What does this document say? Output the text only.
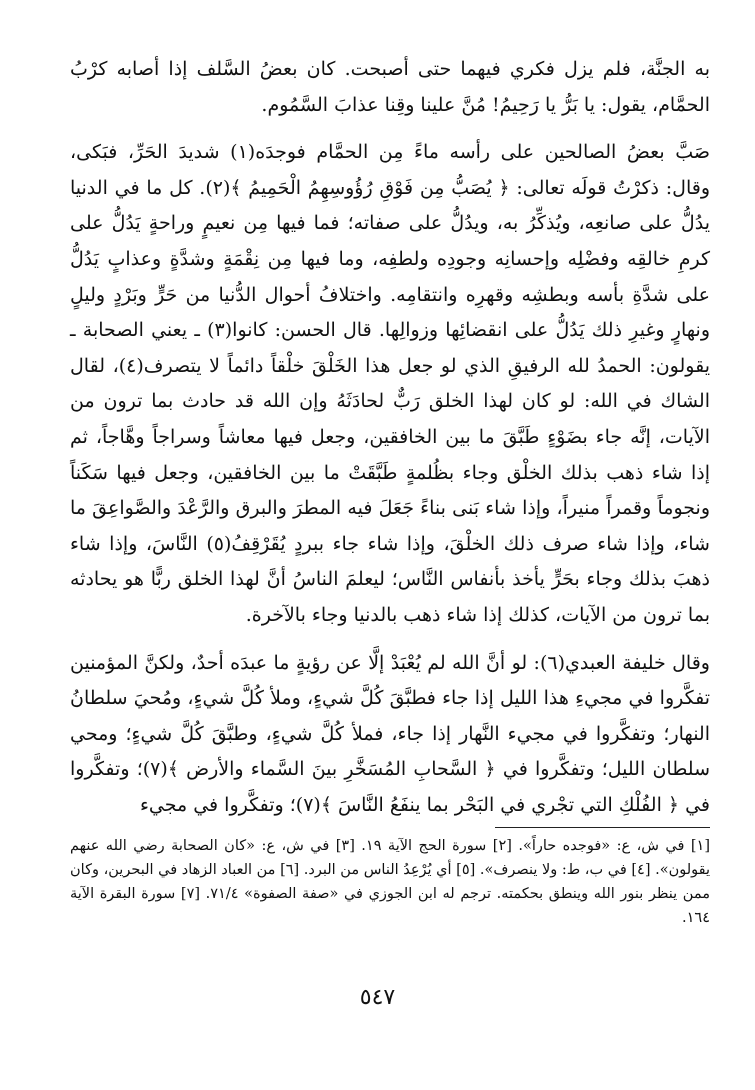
به الجنَّة، فلم يزل فكري فيهما حتى أصبحت. كان بعضُ السَّلف إذا أصابه كرْبُ الحمَّام، يقول: يا بَرُّ يا رَحِيمُ! مُنَّ علينا وقِنا عذابَ السَّمُوم.

صَبَّ بعضُ الصالحين على رأسه ماءً مِن الحمَّام فوجدَه(١) شديدَ الحَرِّ، فبَكى، وقال: ذكرْتُ قولَه تعالى: ﴿ يُصَبُّ مِن فَوْقِ رُؤُوسِهِمُ الْحَمِيمُ ﴾(٢). كل ما في الدنيا يدُلُّ على صانعِه، ويُذكِّرُ به، ويدُلُّ على صفاته؛ فما فيها مِن نعيمٍ وراحةٍ يَدُلُّ على كرمِ خالقِه وفضْلِه وإحسانِه وجودِه ولطفِه، وما فيها مِن نِقْمَةٍ وشدَّةٍ وعذابٍ يَدُلُّ على شدَّةِ بأسه وبطشِه وقهرِه وانتقامِه. واختلافُ أحوال الدُّنيا من حَرٍّ وبَرْدٍ وليلٍ ونهارٍ وغيرِ ذلك يَدُلُّ على انقضائِها وزوالِها. قال الحسن: كانوا(٣) ـ يعني الصحابة ـ يقولون: الحمدُ لله الرفيقِ الذي لو جعل هذا الخَلْقَ خلْقاً دائماً لا يتصرف(٤)، لقال الشاك في الله: لو كان لهذا الخلق رَبٌّ لحادَثَهُ وإن الله قد حادث بما ترون من الآيات، إنَّه جاء بضَوْءٍ طَبَّقَ ما بين الخافقين، وجعل فيها معاشاً وسراجاً وهَّاجاً، ثم إذا شاء ذهب بذلك الخلْق وجاء بظُلمةٍ طَبَّقَتْ ما بين الخافقين، وجعل فيها سَكَناً ونجوماً وقمراً منيراً، وإذا شاء بَنى بناءً جَعَلَ فيه المطرَ والبرق والرَّعْدَ والصَّواعِقَ ما شاء، وإذا شاء صرف ذلك الخلْقَ، وإذا شاء جاء ببردٍ يُقَرْقِفُ(٥) النَّاسَ، وإذا شاء ذهبَ بذلك وجاء بحَرٍّ يأخذ بأنفاس النَّاس؛ ليعلمَ الناسُ أنَّ لهذا الخلق ربًّا هو يحادثه بما ترون من الآيات، كذلك إذا شاء ذهب بالدنيا وجاء بالآخرة.

وقال خليفة العبدي(٦): لو أنَّ الله لم يُعْبَدْ إلَّا عن رؤيةٍ ما عبدَه أحدٌ، ولكنَّ المؤمنين تفكَّروا في مجيءِ هذا الليل إذا جاء فطبَّقَ كُلَّ شيءٍ، وملأ كُلَّ شيءٍ، ومُحيَ سلطانُ النهار؛ وتفكَّروا في مجيء النَّهار إذا جاء، فملأ كُلَّ شيءٍ، وطبَّقَ كُلَّ شيءٍ؛ ومحي سلطان الليل؛ وتفكَّروا في ﴿ السَّحابِ المُسَخَّرِ بينَ السَّماء والأرض ﴾(٧)؛ وتفكَّروا في ﴿ الفُلْكِ التي تجْري في البَحْر بما ينفَعُ النَّاسَ ﴾(٧)؛ وتفكَّروا في مجيء

[١] في ش، ع: «فوجده حاراً». [٢] سورة الحج الآية ١٩. [٣] في ش، ع: «كان الصحابة رضي الله عنهم يقولون». [٤] في ب، ط: ولا ينصرف». [٥] أي يُرْعِدُ الناس من البرد. [٦] من العباد الزهاد في البحرين، وكان ممن ينظر بنور الله وينطق بحكمته. ترجم له ابن الجوزي في «صفة الصفوة» ٧١/٤. [٧] سورة البقرة الآية ١٦٤.

٥٤٧
